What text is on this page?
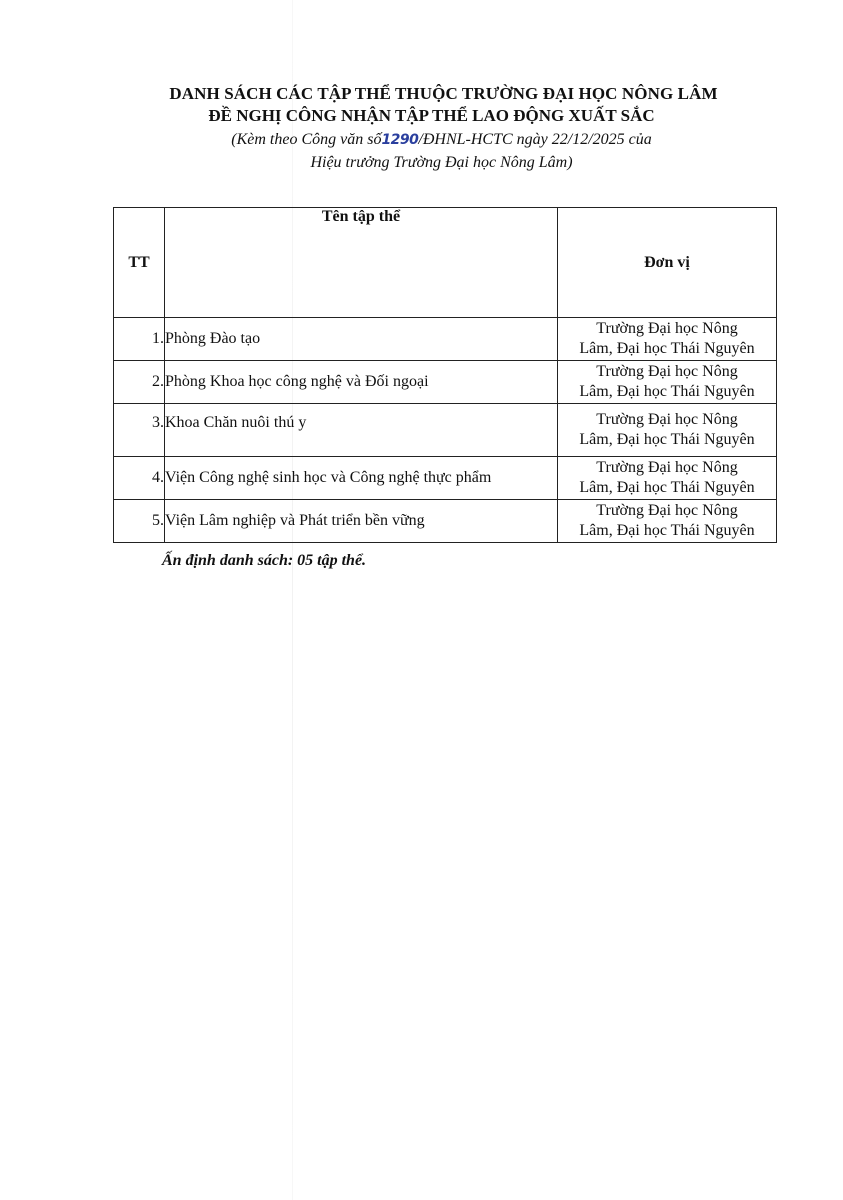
DANH SÁCH CÁC TẬP THỂ THUỘC TRƯỜNG ĐẠI HỌC NÔNG LÂM
ĐỀ NGHỊ CÔNG NHẬN TẬP THỂ LAO ĐỘNG XUẤT SẮC
(Kèm theo Công văn số1290/ĐHNL-HCTC ngày 22/12/2025 của
Hiệu trưởng Trường Đại học Nông Lâm)
TT	Tên tập thể	Đơn vị
1.	Phòng Đào tạo	Trường Đại học Nông
Lâm, Đại học Thái Nguyên
2.	Phòng Khoa học công nghệ và Đối ngoại	Trường Đại học Nông
Lâm, Đại học Thái Nguyên
3.	Khoa Chăn nuôi thú y	Trường Đại học Nông
Lâm, Đại học Thái Nguyên
4.	Viện Công nghệ sinh học và Công nghệ thực phẩm	Trường Đại học Nông
Lâm, Đại học Thái Nguyên
5.	Viện Lâm nghiệp và Phát triển bền vững	Trường Đại học Nông
Lâm, Đại học Thái Nguyên
Ấn định danh sách: 05 tập thể.
